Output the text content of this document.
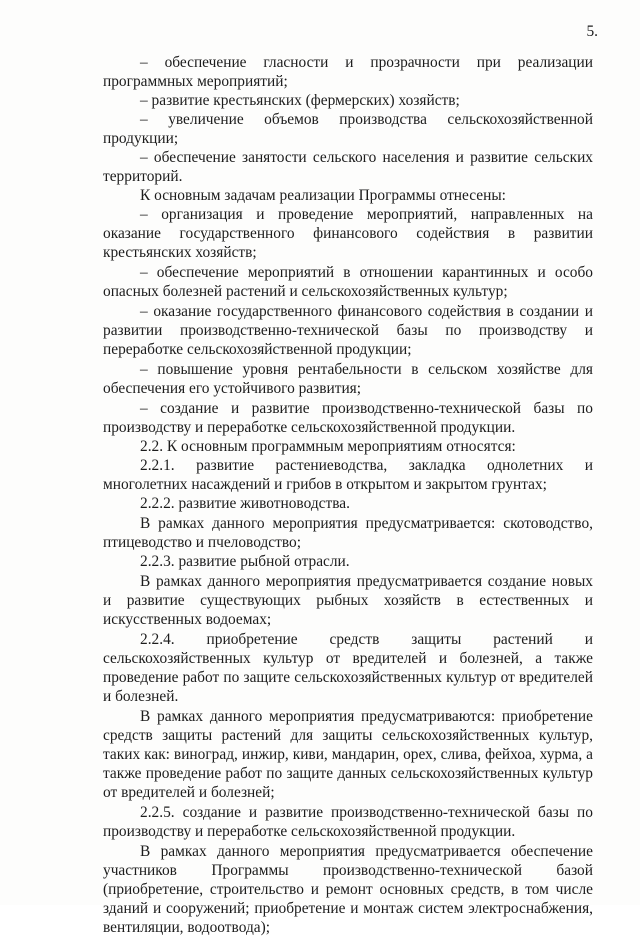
5.

– обеспечение гласности и прозрачности при реализации программных мероприятий;

– развитие крестьянских (фермерских) хозяйств;

– увеличение объемов производства сельскохозяйственной продукции;

– обеспечение занятости сельского населения и развитие сельских территорий.

К основным задачам реализации Программы отнесены:

– организация и проведение мероприятий, направленных на оказание государственного финансового содействия в развитии крестьянских хозяйств;

– обеспечение мероприятий в отношении карантинных и особо опасных болезней растений и сельскохозяйственных культур;

– оказание государственного финансового содействия в создании и развитии производственно-технической базы по производству и переработке сельскохозяйственной продукции;

– повышение уровня рентабельности в сельском хозяйстве для обеспечения его устойчивого развития;

– создание и развитие производственно-технической базы по производству и переработке сельскохозяйственной продукции.

2.2. К основным программным мероприятиям относятся:

2.2.1. развитие растениеводства, закладка однолетних и многолетних насаждений и грибов в открытом и закрытом грунтах;

2.2.2. развитие животноводства.

В рамках данного мероприятия предусматривается: скотоводство, птицеводство и пчеловодство;

2.2.3. развитие рыбной отрасли.

В рамках данного мероприятия предусматривается создание новых и развитие существующих рыбных хозяйств в естественных и искусственных водоемах;

2.2.4. приобретение средств защиты растений и сельскохозяйственных культур от вредителей и болезней, а также проведение работ по защите сельскохозяйственных культур от вредителей и болезней.

В рамках данного мероприятия предусматриваются: приобретение средств защиты растений для защиты сельскохозяйственных культур, таких как: виноград, инжир, киви, мандарин, орех, слива, фейхоа, хурма, а также проведение работ по защите данных сельскохозяйственных культур от вредителей и болезней;

2.2.5. создание и развитие производственно-технической базы по производству и переработке сельскохозяйственной продукции.

В рамках данного мероприятия предусматривается обеспечение участников Программы производственно-технической базой (приобретение, строительство и ремонт основных средств, в том числе зданий и сооружений; приобретение и монтаж систем электроснабжения, вентиляции, водоотвода);
